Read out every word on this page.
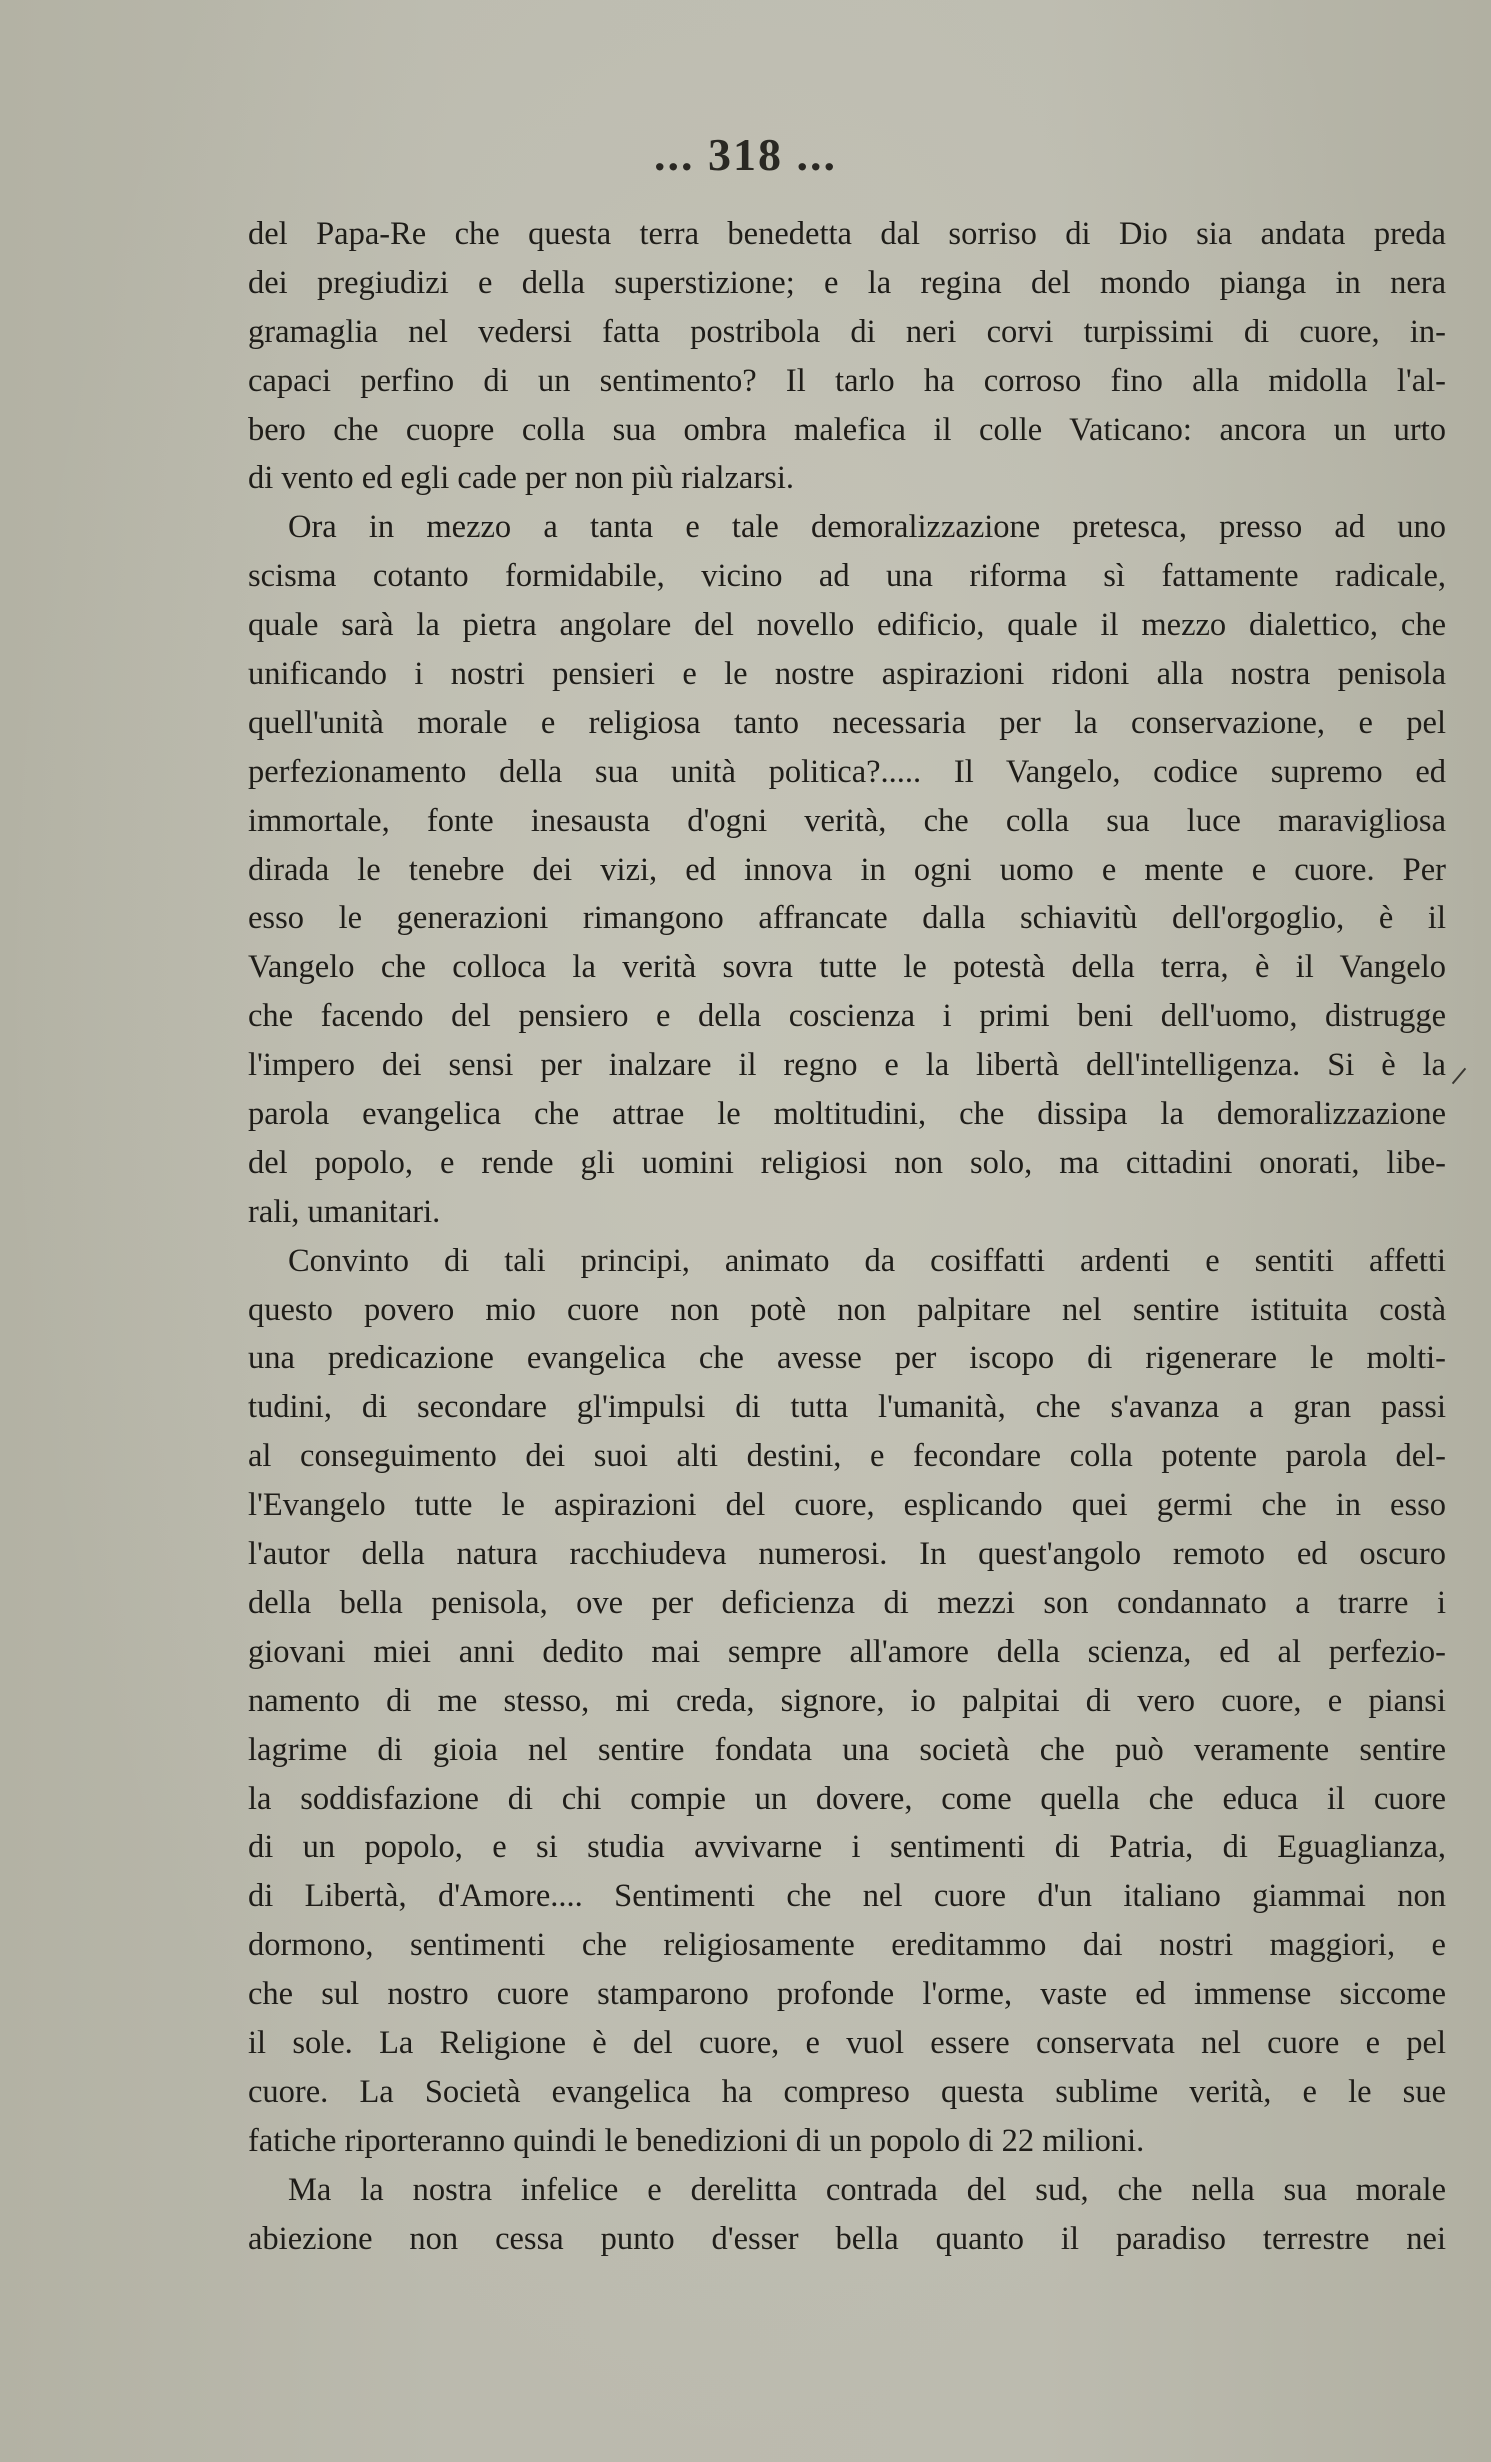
... 318 ...
del Papa-Re che questa terra benedetta dal sorriso di Dio sia andata preda
dei pregiudizi e della superstizione; e la regina del mondo pianga in nera
gramaglia nel vedersi fatta postribola di neri corvi turpissimi di cuore, in-
capaci perfino di un sentimento? Il tarlo ha corroso fino alla midolla l'al-
bero che cuopre colla sua ombra malefica il colle Vaticano: ancora un urto
di vento ed egli cade per non più rialzarsi.
Ora in mezzo a tanta e tale demoralizzazione pretesca, presso ad uno
scisma cotanto formidabile, vicino ad una riforma sì fattamente radicale,
quale sarà la pietra angolare del novello edificio, quale il mezzo dialettico, che
unificando i nostri pensieri e le nostre aspirazioni ridoni alla nostra penisola
quell'unità morale e religiosa tanto necessaria per la conservazione, e pel
perfezionamento della sua unità politica?..... Il Vangelo, codice supremo ed
immortale, fonte inesausta d'ogni verità, che colla sua luce maravigliosa
dirada le tenebre dei vizi, ed innova in ogni uomo e mente e cuore. Per
esso le generazioni rimangono affrancate dalla schiavitù dell'orgoglio, è il
Vangelo che colloca la verità sovra tutte le potestà della terra, è il Vangelo
che facendo del pensiero e della coscienza i primi beni dell'uomo, distrugge
l'impero dei sensi per inalzare il regno e la libertà dell'intelligenza. Si è la
parola evangelica che attrae le moltitudini, che dissipa la demoralizzazione
del popolo, e rende gli uomini religiosi non solo, ma cittadini onorati, libe-
rali, umanitari.
Convinto di tali principi, animato da cosiffatti ardenti e sentiti affetti
questo povero mio cuore non potè non palpitare nel sentire istituita costà
una predicazione evangelica che avesse per iscopo di rigenerare le molti-
tudini, di secondare gl'impulsi di tutta l'umanità, che s'avanza a gran passi
al conseguimento dei suoi alti destini, e fecondare colla potente parola del-
l'Evangelo tutte le aspirazioni del cuore, esplicando quei germi che in esso
l'autor della natura racchiudeva numerosi. In quest'angolo remoto ed oscuro
della bella penisola, ove per deficienza di mezzi son condannato a trarre i
giovani miei anni dedito mai sempre all'amore della scienza, ed al perfezio-
namento di me stesso, mi creda, signore, io palpitai di vero cuore, e piansi
lagrime di gioia nel sentire fondata una società che può veramente sentire
la soddisfazione di chi compie un dovere, come quella che educa il cuore
di un popolo, e si studia avvivarne i sentimenti di Patria, di Eguaglianza,
di Libertà, d'Amore.... Sentimenti che nel cuore d'un italiano giammai non
dormono, sentimenti che religiosamente ereditammo dai nostri maggiori, e
che sul nostro cuore stamparono profonde l'orme, vaste ed immense siccome
il sole. La Religione è del cuore, e vuol essere conservata nel cuore e pel
cuore. La Società evangelica ha compreso questa sublime verità, e le sue
fatiche riporteranno quindi le benedizioni di un popolo di 22 milioni.
Ma la nostra infelice e derelitta contrada del sud, che nella sua morale
abiezione non cessa punto d'esser bella quanto il paradiso terrestre nei
